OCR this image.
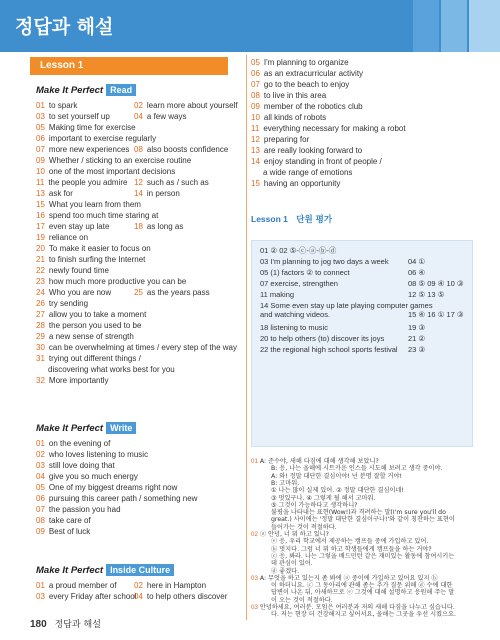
정답과 해설
Lesson 1
Make It Perfect Read
01 to spark	02 learn more about yourself
03 to set yourself up	04 a few ways
05 Making time for exercise
06 important to exercise regularly
07 more new experiences 08 also boosts confidence
09 Whether / sticking to an exercise routine
10 one of the most important decisions
11 the people you admire 12 such as / such as
13 ask for	14 in person
15 What you learn from them
16 spend too much time staring at
17 even stay up late	18 as long as
19 reliance on
20 To make it easier to focus on
21 to finish surfing the Internet
22 newly found time
23 how much more productive you can be
24 Who you are now	25 as the years pass
26 try sending
27 allow you to take a moment
28 the person you used to be
29 a new sense of strength
30 can be overwhelming at times / every step of the way
31 trying out different things /
discovering what works best for you
32 More importantly
Make It Perfect Write
01 on the evening of
02 who loves listening to music
03 still love doing that
04 give you so much energy
05 One of my biggest dreams right now
06 pursuing this career path / something new
07 the passion you had
08 take care of
09 Best of luck
Make It Perfect Inside Culture
01 a proud member of 02 here in Hampton
03 every Friday after school
04 to help others discover
05 I'm planning to organize
06 as an extracurricular activity
07 go to the beach to enjoy
08 to live in this area
09 member of the robotics club
10 all kinds of robots
11 everything necessary for making a robot
12 preparing for
13 are really looking forward to
14 enjoy standing in front of people /
a wide range of emotions
15 having an opportunity
Lesson 1 단원 평가
01 ② 02 ⑤-ⓒ-ⓐ-ⓑ-ⓓ
03 I'm planning to jog two days a week	04 ①
05 (1) factors ② to connect	06 ④
07 exercise, strengthen	08 ⑤ 09 ④ 10 ③
11 making	12 ⑤ 13 ⑤
14 Some even stay up late playing computer games
and watching videos.	15 ④ 16 ① 17 ③
18 listening to music	19 ③
20 to help others (to) discover its joys	21 ②
22 the regional high school sports festival 23 ③
01 A: 준수야, 새해 다짐에 대해 생각해 보았니?
B: 응, 나는 올해에 시트카운 인스들 시도해 보려고 생각 중이야.
A: 와! 정말 대단한 결심이야! 넌 분명 잘할 거야!
B: 고마워.
① 나는 많이 실제 있어. ② 정말 대단한 결심이네!
③ 멋있구나. ④ 그렇게 될 해서 고마워.
⑤ 그것이 가능하다고 생각하니?
불평을 나타내는 표현(Wow!)과 격려하는 말(I'm sure you'll do
great.) 사이에는 '정말 대단한 결심이구나!'와 같이 칭찬하는 표현이
들어가는 것이 적절하다.
02 ⓐ 안녕, 너 뭐 하고 있니?
ⓔ 응, 우리 학교에서 제공하는 캠프들 중에 가입하고 있어.
ⓑ 멋지다. 그럼 너 뭐 하고 학생들에게 캠프들을 하는 거야?
ⓒ 응, 봐라. 나는 그렇을 배드민턴 같은 재미있는 활동에 참여시키는
데 관심이 있어.
ⓓ 좋겠다.
03 A: 무엇을 하고 있는지 좀 봐에 ⓐ 중이에 가입하고 있어요 있지 ⓑ
이 하더니요. ⓒ 그 동아리에 관해 좀는 추가 질문 위해 ⓓ 수에 대한
답변이 나온 뒤, 아새하므로 ⓔ 그것에 대해 설명하고 응원해 주는 말
이 오는 것이 적절하다.
03 안녕하세요, 여러분. 모임은 여러분과 저의 새해 다짐을 나누고 싶습니다.
다. 저는 현장 더 건강해지고 싶어서요, 올해는 그곳을 우선 시켰으요.
180 정답과 해설
